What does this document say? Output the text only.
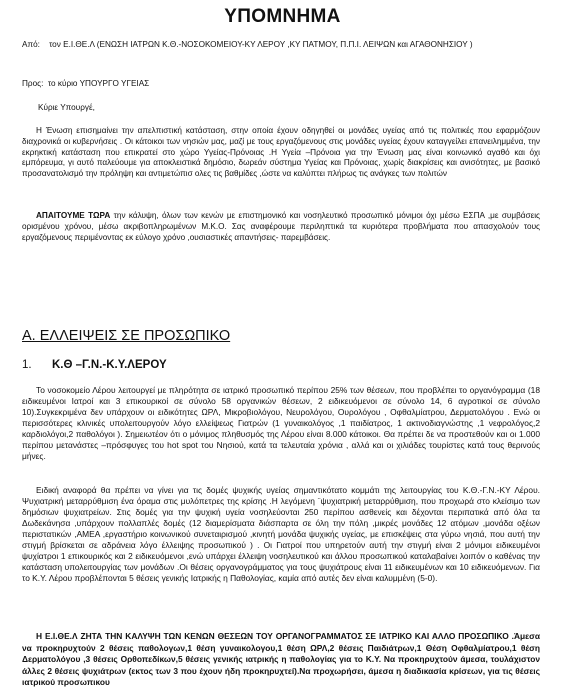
ΥΠΟΜΝΗΜΑ

Από: τον Ε.Ι.ΘΕ.Λ (ΕΝΩΣΗ ΙΑΤΡΩΝ Κ.Θ.-ΝΟΣΟΚΟΜΕΙΟΥ-ΚΥ ΛΕΡΟΥ ,ΚΥ ΠΑΤΜΟΥ, Π.Π.Ι. ΛΕΙΨΩΝ και ΑΓΑΘΟΝΗΣΙΟΥ )

Προς: το κύριο ΥΠΟΥΡΓΟ ΥΓΕΙΑΣ

Κύριε Υπουργέ,

Η Ένωση επισημαίνει την απελπιστική κατάσταση, στην οποία έχουν οδηγηθεί οι μονάδες υγείας από τις πολιτικές που εφαρμόζουν διαχρονικά οι κυβερνήσεις . Οι κάτοικοι των νησιών μας, μαζί με τους εργαζόμενους στις μονάδες υγείας έχουν καταγγείλει επανειλημμένα, την εκρηκτική κατάσταση που επικρατεί στο χώρο Υγείας-Πρόνοιας .Η Υγεία –Πρόνοια για την Ένωση μας είναι κοινωνικό αγαθό και όχι εμπόρευμα, γι αυτό παλεύουμε για αποκλειστικά δημόσιο, δωρεάν σύστημα Υγείας και Πρόνοιας, χωρίς διακρίσεις και ανισότητες, με βασικό προσανατολισμό την πρόληψη και αντιμετώπισ ολες τις βαθμίδες ,ώστε να καλύπτει πλήρως τις ανάγκες των πολιτών

ΑΠΑΙΤΟΥΜΕ ΤΩΡΑ την κάλυψη, όλων των κενών με επιστημονικό και νοσηλευτικό προσωπικό μόνιμοι όχι μέσω ΕΣΠΑ ,με συμβάσεις ορισμένου χρόνου, μέσω ακριβοπληρωμένων Μ.Κ.Ο. Σας αναφέρουμε περιληπτικά τα κυριότερα προβλήματα που απασχολούν τους εργαζόμενους περιμένοντας εκ εύλογο χρόνο ,ουσιαστικές απαντήσεις- παρεμβάσεις.

Α. ΕΛΛΕΙΨΕΙΣ ΣΕ ΠΡΟΣΩΠΙΚΟ
1. Κ.Θ –Γ.Ν.-Κ.Υ.ΛΕΡΟΥ

Το νοσοκομείο Λέρου λειτουργεί με πληρότητα σε ιατρικό προσωπικό περίπου 25% των θέσεων, που προβλέπει το οργανόγραμμα (18 ειδικευμένοι Ιατροί και 3 επικουρικοί σε σύνολο 58 οργανικών θέσεων, 2 ειδικευόμενοι σε σύνολο 14, 6 αγροτικοί σε σύνολο 10).Συγκεκριμένα δεν υπάρχουν οι ειδικότητες ΩΡΛ, Μικροβιολόγου, Νευρολόγου, Ουρολόγου , Οφθαλμίατρου, Δερματολόγου . Ενώ οι περισσότερες κλινικές υπολειτουργούν λόγο ελλείψεως Γιατρών (1 γυναικολόγος ,1 παιδίατρος, 1 ακτινοδιαγνώστης ,1 νεφρολόγος,2 καρδιολόγοι,2 παθολόγοι ). Σημειωτέον ότι ο μόνιμος πληθυσμός της Λέρου είναι 8.000 κάτοικοι. Θα πρέπει δε να προστεθούν και οι 1.000 περίπου μετανάστες –πρόσφυγες του hot spot του Νησιού, κατά τα τελευταία χρόνια , αλλά και οι χιλιάδες τουρίστες κατά τους θερινούς μήνες.

Ειδική αναφορά θα πρέπει να γίνει για τις δομές ψυχικής υγείας σημαντικότατο κομμάτι της λειτουργίας του Κ.Θ.-Γ.Ν.-ΚΥ Λέρου. Ψυχιατρική μεταρρύθμιση ένα όραμα στις μυλόπετρες της κρίσης .Η λεγόμενη ¨ψυχιατρική μεταρρύθμιση, που προχωρά στο κλείσιμο των δημόσιων ψυχιατρείων. Στις δομές για την ψυχική υγεία νοσηλεύονται 250 περίπου ασθενείς και δέχονται περιπατικά από όλα τα Δωδεκάνησα ,υπάρχουν πολλαπλές δομές (12 διαμερίσματα διάσπαρτα σε όλη την πόλη ,μικρές μονάδες 12 ατόμων ,μονάδα οξέων περιστατικών ,ΑΜΕΑ ,εργαστήριο κοινωνικού συνεταιρισμού ,κινητή μονάδα ψυχικής υγείας, με επισκέψεις στα γύρω νησιά, που αυτή την στιγμή βρίσκεται σε αδράνεια λόγο έλλειψης προσωπικού ) . Οι Γιατροί που υπηρετούν αυτή την στιγμή είναι 2 μόνιμοι ειδικευμένοι ψυχίατροι 1 επικουρικός και 2 ειδικευόμενοι ,ενώ υπάρχει έλλειψη νοσηλευτικού και άλλου προσωπικού καταλαβαίνει λοιπόν ο καθένας την κατάσταση υπολειτουργίας των μονάδων .Οι θέσεις οργανογράμματος για τους ψυχιάτρους είναι 11 ειδικευμένων και 10 ειδικευόμενων. Για το Κ.Υ. Λέρου προβλέπονται 5 θέσεις γενικής Ιατρικής η Παθολογίας, καμία από αυτές δεν είναι καλυμμένη (5-0).

Η Ε.Ι.ΘΕ.Λ ΖΗΤΑ ΤΗΝ ΚΑΛΥΨΗ ΤΩΝ ΚΕΝΩΝ ΘΕΣΕΩΝ ΤΟΥ ΟΡΓΑΝΟΓΡΑΜΜΑΤΟΣ ΣΕ ΙΑΤΡΙΚΟ ΚΑΙ ΑΛΛΟ ΠΡΟΣΩΠΙΚΟ .Άμεσα να προκηρυχτούν 2 θέσεις παθολογων,1 θέση γυναικολογου,1 θέση ΩΡΛ,2 θέσεις Παιδιάτρων,1 Θέση Οφθαλμίατρου,1 θέση Δερματολόγου ,3 θέσεις Ορθοπεδίκων,5 θέσεις γενικής ιατρικής η παθολογίας για το Κ.Υ. Να προκηρυχτούν άμεσα, τουλάχιστον άλλες 2 θέσεις ψυχιάτρων (εκτος των 3 που έχουν ήδη προκηρυχτεί).Να προχωρήσει, άμεσα η διαδικασία κρίσεων, για τις θέσεις ιατρικού προσωπικου
